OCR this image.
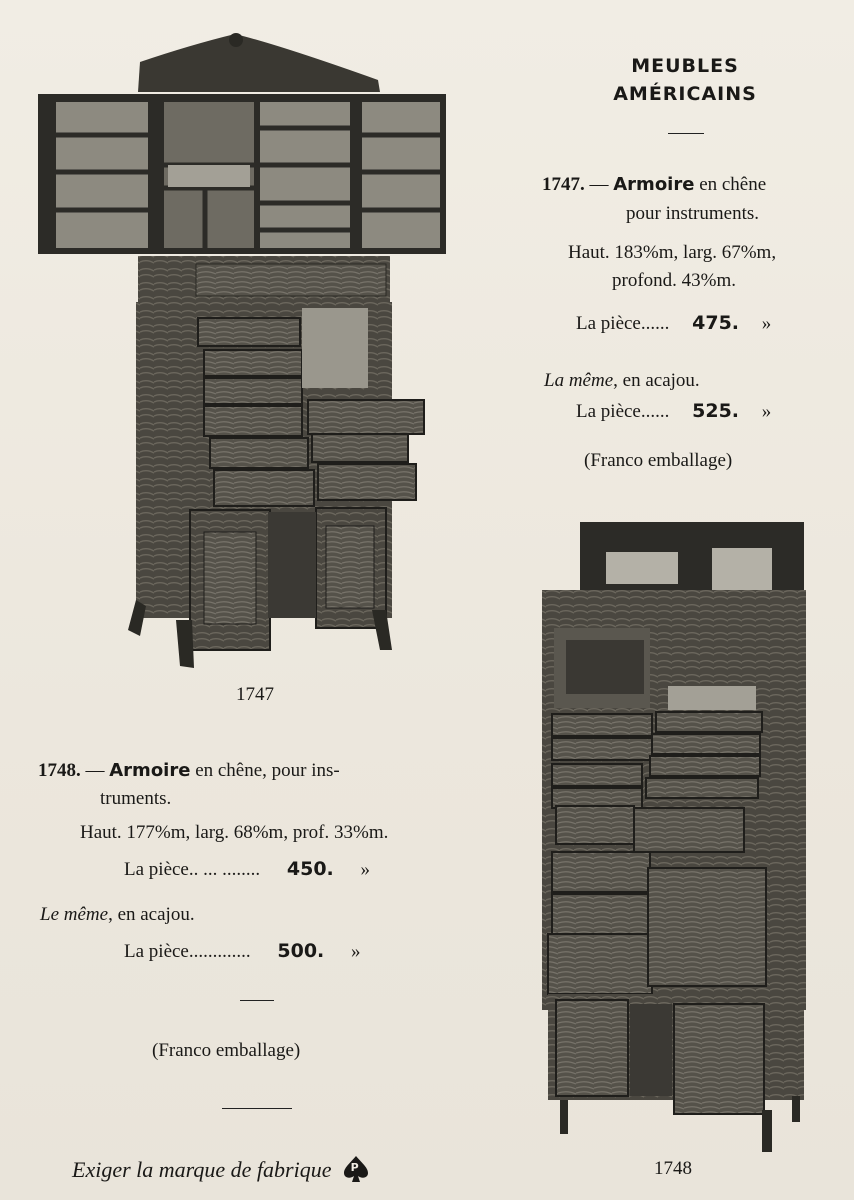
MEUBLES
AMÉRICAINS
1747. — Armoire en chêne
pour instruments.
Haut. 183%m, larg. 67%m,
profond. 43%m.
La pièce...... 475. »
La même, en acajou.
La pièce...... 525. »
(Franco emballage)
1747
1748. — Armoire en chêne, pour ins-
truments.
Haut. 177%m, larg. 68%m, prof. 33%m.
La pièce.. ... ........ 450. »
Le même, en acajou.
La pièce............. 500. »
(Franco emballage)
1748
Exiger la marque de fabrique P
